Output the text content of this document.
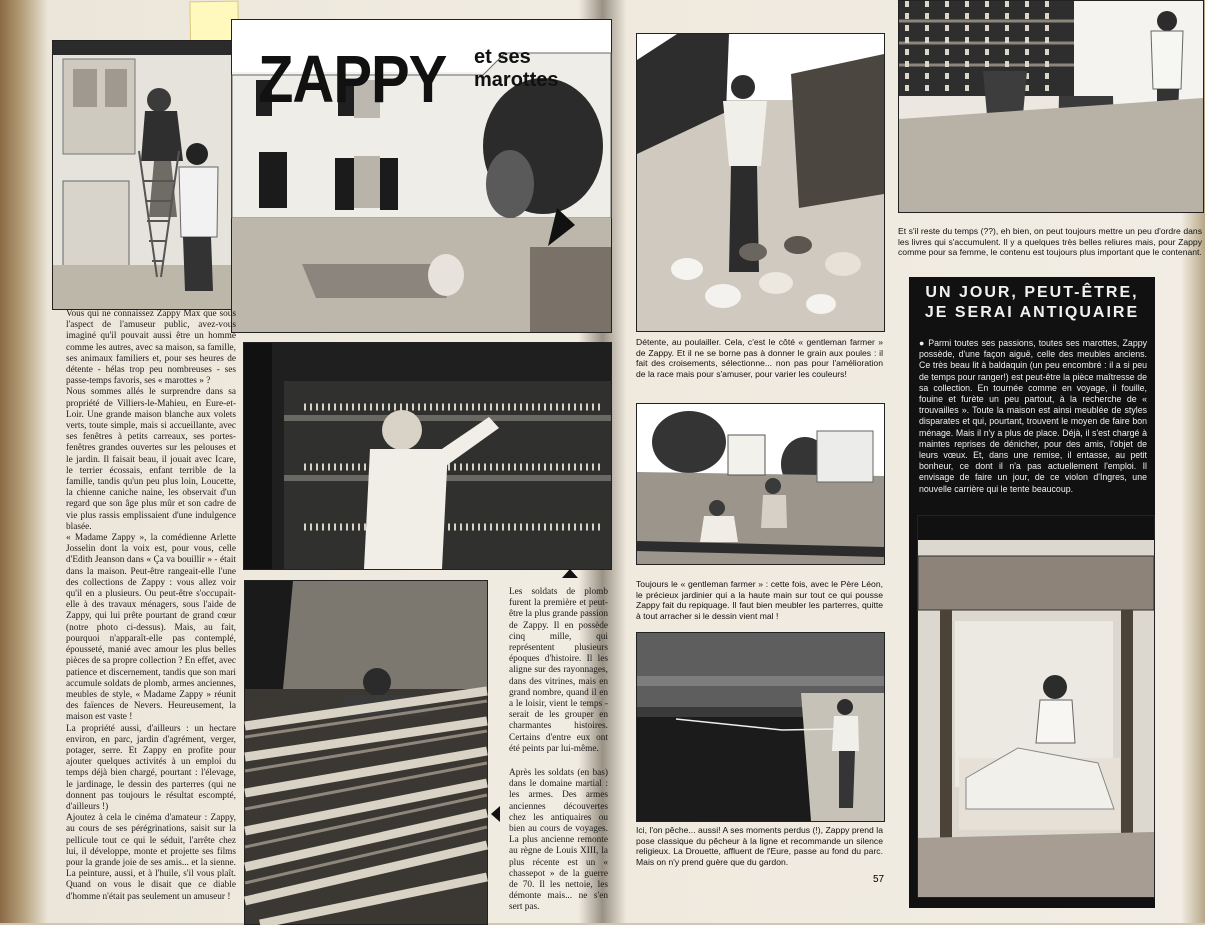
ZAPPY et ses
marottes
Vous qui ne connaissez Zappy Max que sous l'aspect de l'amuseur public, avez-vous imaginé qu'il pouvait aussi être un homme comme les autres, avec sa maison, sa famille, ses animaux familiers et, pour ses heures de détente - hélas trop peu nombreuses - ses passe-temps favoris, ses « marottes » ?
Nous sommes allés le surprendre dans sa propriété de Villiers-le-Mahieu, en Eure-et-Loir. Une grande maison blanche aux volets verts, toute simple, mais si accueillante, avec ses fenêtres à petits carreaux, ses portes-fenêtres grandes ouvertes sur les pelouses et le jardin. Il faisait beau, il jouait avec Icare, le terrier écossais, enfant terrible de la famille, tandis qu'un peu plus loin, Loucette, la chienne caniche naine, les observait d'un regard que son âge plus mûr et son cadre de vie plus rassis emplissaient d'une indulgence blasée.
« Madame Zappy », la comédienne Arlette Josselin dont la voix est, pour vous, celle d'Edith Jeanson dans « Ça va bouillir » - était dans la maison. Peut-être rangeait-elle l'une des collections de Zappy : vous allez voir qu'il en a plusieurs. Ou peut-être s'occupait-elle à des travaux ménagers, sous l'aide de Zappy, qui lui prête pourtant de grand cœur (notre photo ci-dessus). Mais, au fait, pourquoi n'apparaît-elle pas contemplé, épousseté, manié avec amour les plus belles pièces de sa propre collection ? En effet, avec patience et discernement, tandis que son mari accumule soldats de plomb, armes anciennes, meubles de style, « Madame Zappy » réunit des faïences de Nevers. Heureusement, la maison est vaste !
La propriété aussi, d'ailleurs : un hectare environ, en parc, jardin d'agrément, verger, potager, serre. Et Zappy en profite pour ajouter quelques activités à un emploi du temps déjà bien chargé, pourtant : l'élevage, le jardinage, le dessin des parterres (qui ne donnent pas toujours le résultat escompté, d'ailleurs !)
Ajoutez à cela le cinéma d'amateur : Zappy, au cours de ses pérégrinations, saisit sur la pellicule tout ce qui le séduit, l'arrête chez lui, il développe, monte et projette ses films pour la grande joie de ses amis... et la sienne. La peinture, aussi, et à l'huile, s'il vous plaît. Quand on vous le disait que ce diable d'homme n'était pas seulement un amuseur !
Les soldats de plomb furent la première et peut-être la plus grande passion de Zappy. Il en possède cinq mille, qui représentent plusieurs époques d'histoire. Il les aligne sur des rayonnages, dans des vitrines, mais en grand nombre, quand il en a le loisir, vient le temps - serait de les grouper en charmantes histoires. Certains d'entre eux ont été peints par lui-même.
Après les soldats (en bas) dans le domaine martial : les armes. Des armes anciennes découvertes chez les antiquaires ou bien au cours de voyages. La plus ancienne remonte au règne de Louis XIII, la plus récente est un « chassepot » de la guerre de 70. Il les nettoie, les démonte mais... ne s'en sert pas.
Détente, au poulailler. Cela, c'est le côté « gentleman farmer » de Zappy. Et il ne se borne pas à donner le grain aux poules : il fait des croisements, sélectionne... non pas pour l'amélioration de la race mais pour s'amuser, pour varier les couleurs!
Toujours le « gentleman farmer » : cette fois, avec le Père Léon, le précieux jardinier qui a la haute main sur tout ce qui pousse Zappy fait du repiquage. Il faut bien meubler les parterres, quitte à tout arracher si le dessin vient mal !
Ici, l'on pêche... aussi! A ses moments perdus (!), Zappy prend la pose classique du pêcheur à la ligne et recommande un silence religieux. La Drouette, affluent de l'Eure, passe au fond du parc. Mais on n'y prend guère que du gardon.
57
Et s'il reste du temps (??), eh bien, on peut toujours mettre un peu d'ordre dans les livres qui s'accumulent. Il y a quelques très belles reliures mais, pour Zappy comme pour sa femme, le contenu est toujours plus important que le contenant.
UN JOUR, PEUT-ÊTRE,
JE SERAI ANTIQUAIRE
● Parmi toutes ses passions, toutes ses marottes, Zappy possède, d'une façon aiguë, celle des meubles anciens. Ce très beau lit à baldaquin (un peu encombré : il a si peu de temps pour ranger!) est peut-être la pièce maîtresse de sa collection. En tournée comme en voyage, il fouille, fouine et furète un peu partout, à la recherche de « trouvailles ». Toute la maison est ainsi meublée de styles disparates et qui, pourtant, trouvent le moyen de faire bon ménage. Mais il n'y a plus de place. Déjà, il s'est chargé à maintes reprises de dénicher, pour des amis, l'objet de leurs vœux. Et, dans une remise, il entasse, au petit bonheur, ce dont il n'a pas actuellement l'emploi. Il envisage de faire un jour, de ce violon d'Ingres, une nouvelle carrière qui le tente beaucoup.
